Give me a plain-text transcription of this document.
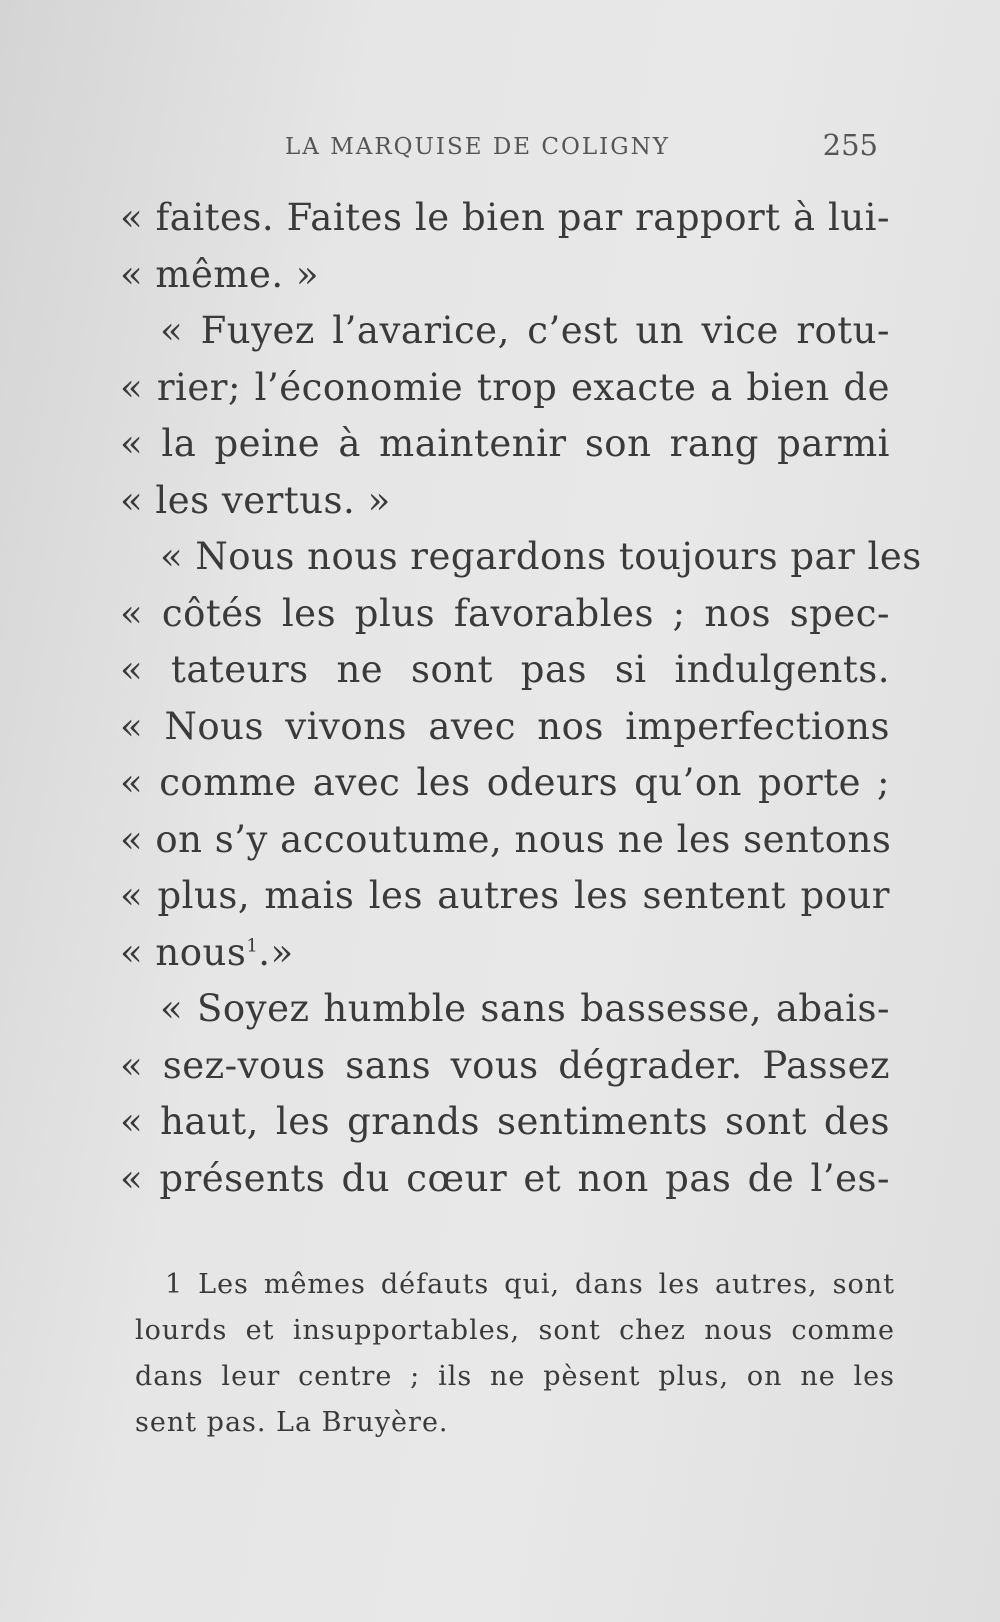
LA MARQUISE DE COLIGNY	255
« faites. Faites le bien par rapport à lui-
« même. »
« Fuyez l’avarice, c’est un vice rotu-
« rier; l’économie trop exacte a bien de
« la peine à maintenir son rang parmi
« les vertus. »
« Nous nous regardons toujours par les
« côtés les plus favorables ; nos spec-
« tateurs ne sont pas si indulgents.
« Nous vivons avec nos imperfections
« comme avec les odeurs qu’on porte ;
« on s’y accoutume, nous ne les sentons
« plus, mais les autres les sentent pour
« nous$^1$.»
« Soyez humble sans bassesse, abais-
« sez-vous sans vous dégrader. Passez
« haut, les grands sentiments sont des
« présents du cœur et non pas de l’es-
1 Les mêmes défauts qui, dans les autres, sont
lourds et insupportables, sont chez nous comme
dans leur centre ; ils ne pèsent plus, on ne les
sent pas. La Bruyère.
